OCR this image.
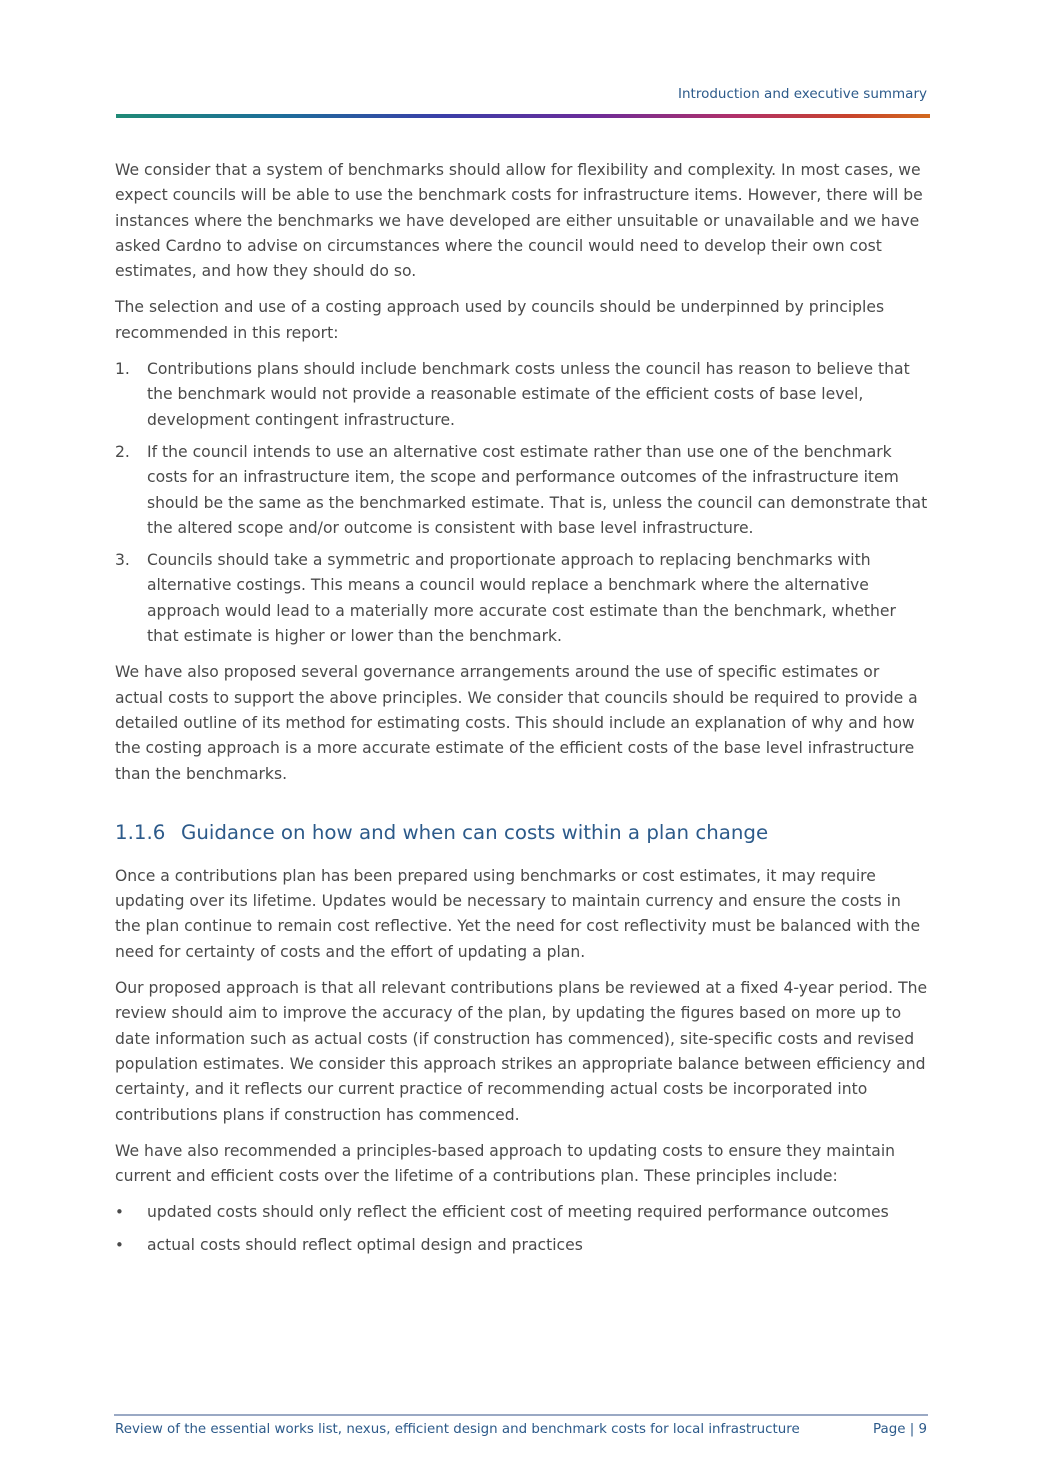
Introduction and executive summary

We consider that a system of benchmarks should allow for flexibility and complexity. In most cases, we expect councils will be able to use the benchmark costs for infrastructure items. However, there will be instances where the benchmarks we have developed are either unsuitable or unavailable and we have asked Cardno to advise on circumstances where the council would need to develop their own cost estimates, and how they should do so.

The selection and use of a costing approach used by councils should be underpinned by principles recommended in this report:

1. Contributions plans should include benchmark costs unless the council has reason to believe that the benchmark would not provide a reasonable estimate of the efficient costs of base level, development contingent infrastructure.
2. If the council intends to use an alternative cost estimate rather than use one of the benchmark costs for an infrastructure item, the scope and performance outcomes of the infrastructure item should be the same as the benchmarked estimate. That is, unless the council can demonstrate that the altered scope and/or outcome is consistent with base level infrastructure.
3. Councils should take a symmetric and proportionate approach to replacing benchmarks with alternative costings. This means a council would replace a benchmark where the alternative approach would lead to a materially more accurate cost estimate than the benchmark, whether that estimate is higher or lower than the benchmark.

We have also proposed several governance arrangements around the use of specific estimates or actual costs to support the above principles. We consider that councils should be required to provide a detailed outline of its method for estimating costs. This should include an explanation of why and how the costing approach is a more accurate estimate of the efficient costs of the base level infrastructure than the benchmarks.

1.1.6 Guidance on how and when can costs within a plan change

Once a contributions plan has been prepared using benchmarks or cost estimates, it may require updating over its lifetime. Updates would be necessary to maintain currency and ensure the costs in the plan continue to remain cost reflective. Yet the need for cost reflectivity must be balanced with the need for certainty of costs and the effort of updating a plan.

Our proposed approach is that all relevant contributions plans be reviewed at a fixed 4-year period. The review should aim to improve the accuracy of the plan, by updating the figures based on more up to date information such as actual costs (if construction has commenced), site-specific costs and revised population estimates. We consider this approach strikes an appropriate balance between efficiency and certainty, and it reflects our current practice of recommending actual costs be incorporated into contributions plans if construction has commenced.

We have also recommended a principles-based approach to updating costs to ensure they maintain current and efficient costs over the lifetime of a contributions plan. These principles include:

• updated costs should only reflect the efficient cost of meeting required performance outcomes
• actual costs should reflect optimal design and practices
Review of the essential works list, nexus, efficient design and benchmark costs for local infrastructure	Page | 9
